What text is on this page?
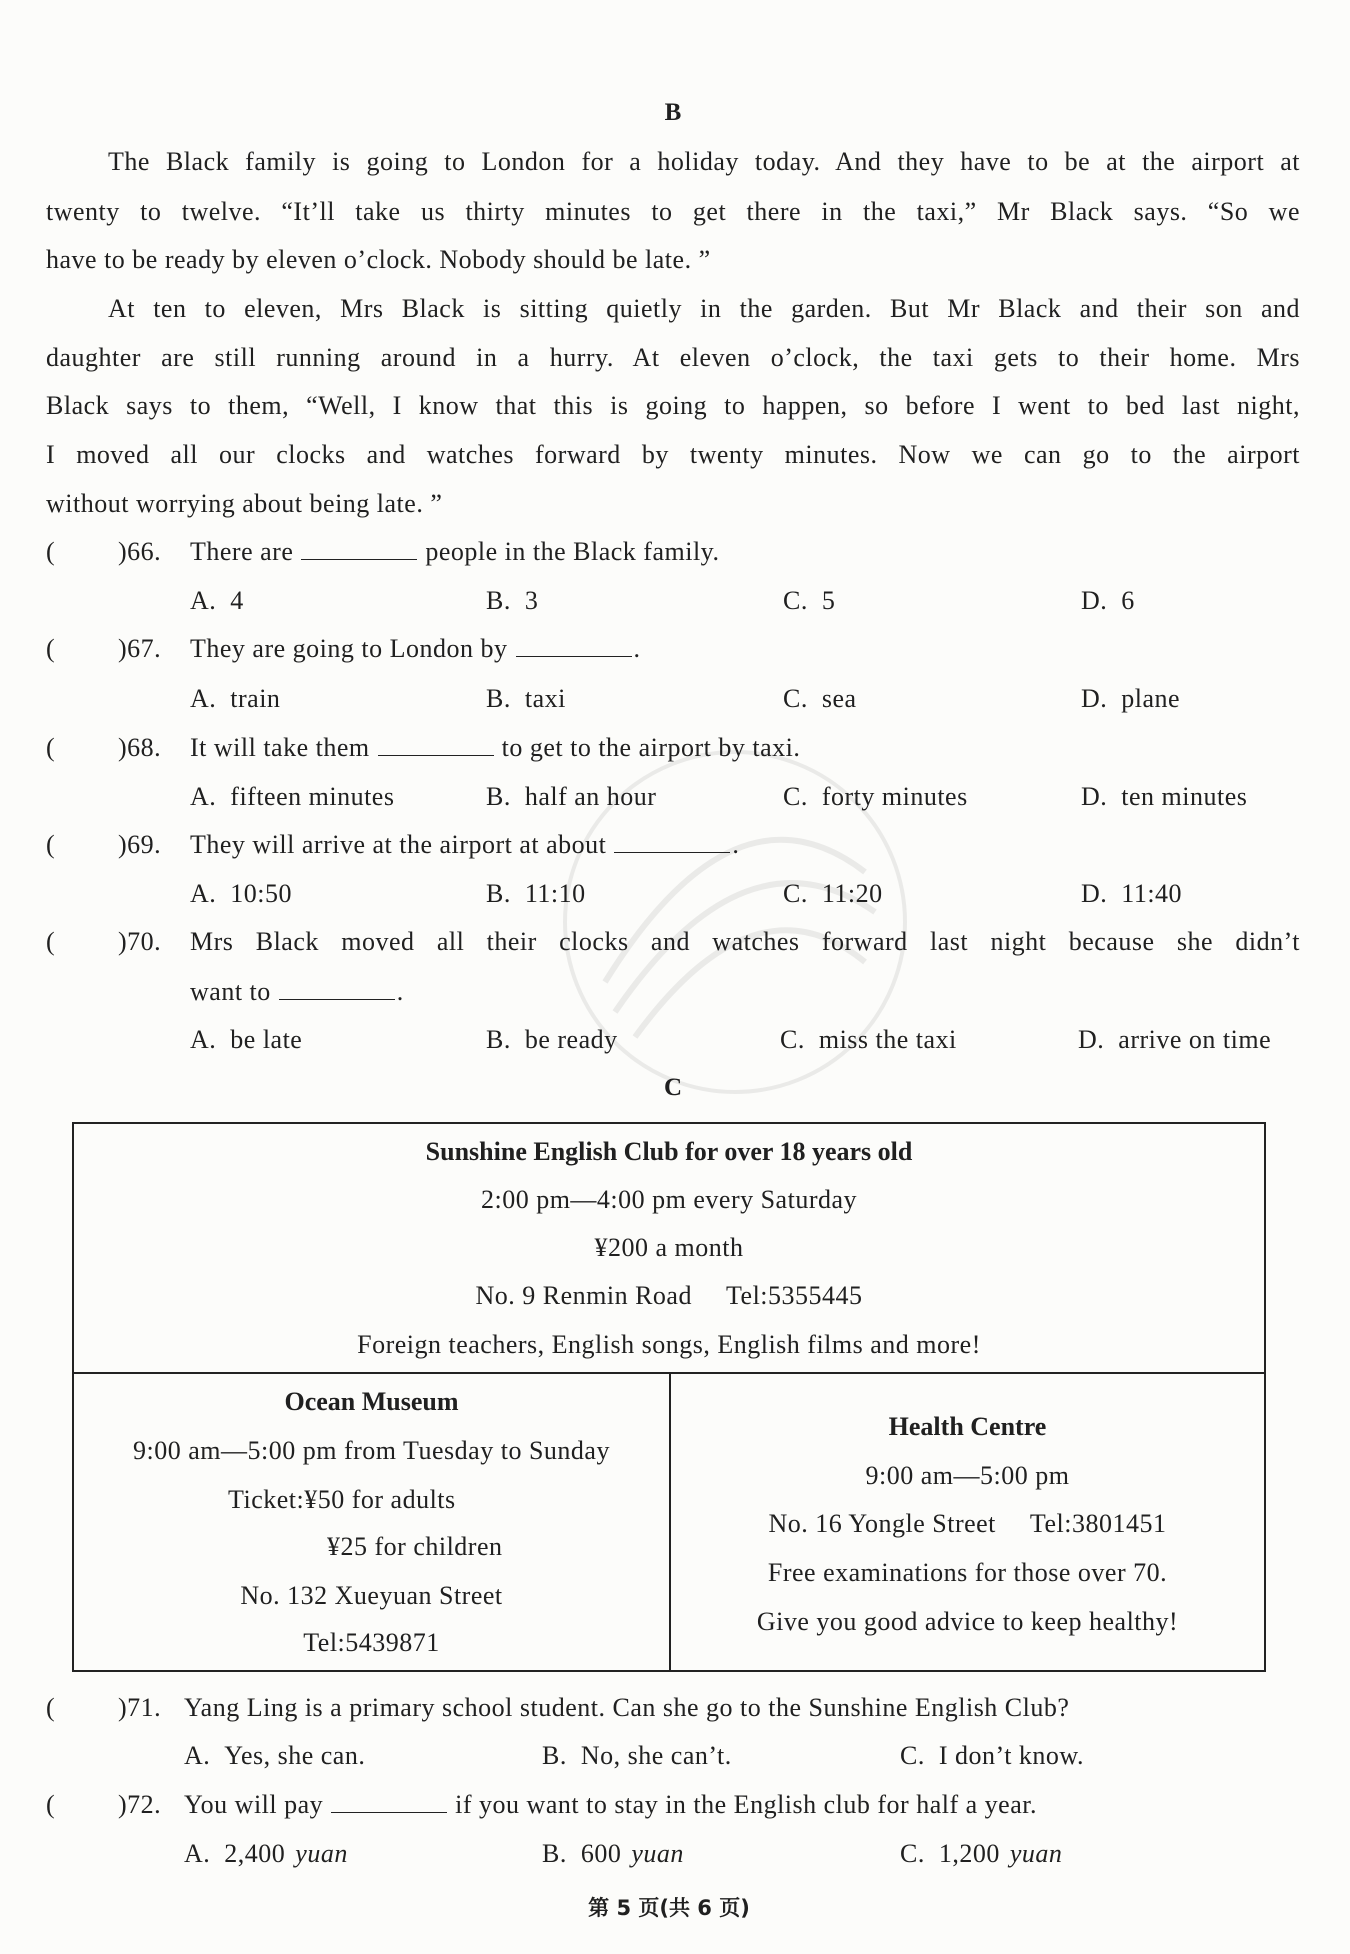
B
The Black family is going to London for a holiday today. And they have to be at the airport at
twenty to twelve. “It’ll take us thirty minutes to get there in the taxi,” Mr Black says. “So we
have to be ready by eleven o’clock. Nobody should be late. ”
At ten to eleven, Mrs Black is sitting quietly in the garden. But Mr Black and their son and
daughter are still running around in a hurry. At eleven o’clock, the taxi gets to their home. Mrs
Black says to them, “Well, I know that this is going to happen, so before I went to bed last night,
I moved all our clocks and watches forward by twenty minutes. Now we can go to the airport
without worrying about being late. ”
( )66. There are	people in the Black family.
A. 4	B. 3	C. 5	D. 6
( )67. They are going to London by	.
A. train	B. taxi	C. sea	D. plane
( )68. It will take them	to get to the airport by taxi.
A. fifteen minutes	B. half an hour	C. forty minutes	D. ten minutes
( )69. They will arrive at the airport at about	.
A. 10:50	B. 11:10	C. 11:20	D. 11:40
( )70. Mrs Black moved all their clocks and watches forward last night because she didn’t
want to	.
A. be late	B. be ready	C. miss the taxi	D. arrive on time
C
Sunshine English Club for over 18 years old
2:00 pm—4:00 pm every Saturday
¥200 a month
No. 9 Renmin Road Tel:5355445
Foreign teachers, English songs, English films and more!
Ocean Museum
9:00 am—5:00 pm from Tuesday to Sunday
Ticket:¥50 for adults
¥25 for children
No. 132 Xueyuan Street
Tel:5439871
Health Centre
9:00 am—5:00 pm
No. 16 Yongle Street Tel:3801451
Free examinations for those over 70.
Give you good advice to keep healthy!
( )71. Yang Ling is a primary school student. Can she go to the Sunshine English Club?
A. Yes, she can.	B. No, she can’t.	C. I don’t know.
( )72. You will pay	if you want to stay in the English club for half a year.
A. 2,400 yuan	B. 600 yuan	C. 1,200 yuan
第 5 页(共 6 页)
